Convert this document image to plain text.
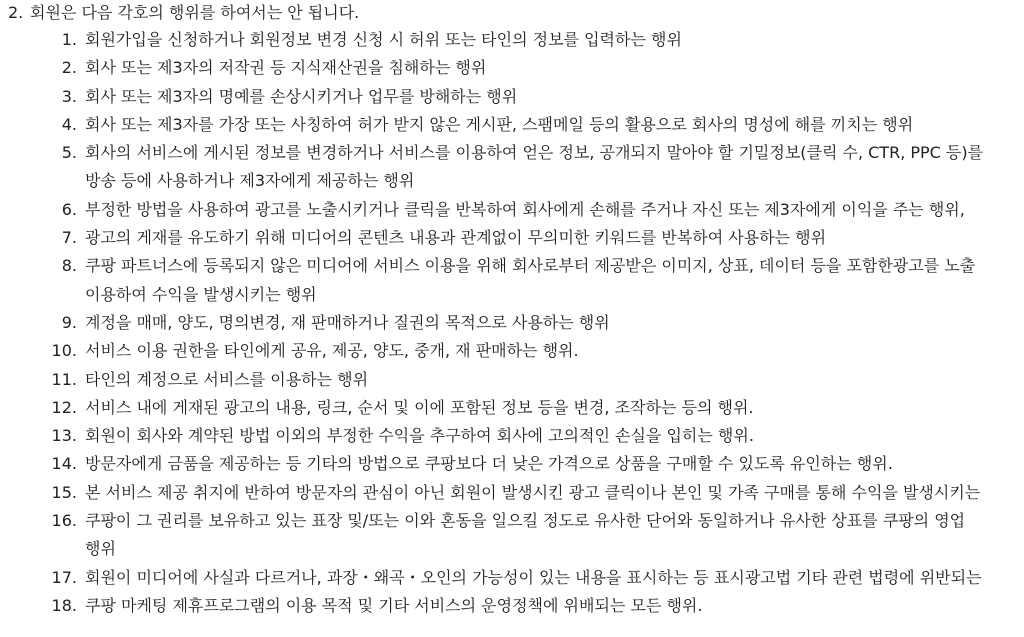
2. 회원은 다음 각호의 행위를 하여서는 안 됩니다.
1. 회원가입을 신청하거나 회원정보 변경 신청 시 허위 또는 타인의 정보를 입력하는 행위
2. 회사 또는 제3자의 저작권 등 지식재산권을 침해하는 행위
3. 회사 또는 제3자의 명예를 손상시키거나 업무를 방해하는 행위
4. 회사 또는 제3자를 가장 또는 사칭하여 허가 받지 않은 게시판, 스팸메일 등의 활용으로 회사의 명성에 해를 끼치는 행위
5. 회사의 서비스에 게시된 정보를 변경하거나 서비스를 이용하여 얻은 정보, 공개되지 말아야 할 기밀정보(클릭 수, CTR, PPC 등)를
방송 등에 사용하거나 제3자에게 제공하는 행위
6. 부정한 방법을 사용하여 광고를 노출시키거나 클릭을 반복하여 회사에게 손해를 주거나 자신 또는 제3자에게 이익을 주는 행위,
7. 광고의 게재를 유도하기 위해 미디어의 콘텐츠 내용과 관계없이 무의미한 키워드를 반복하여 사용하는 행위
8. 쿠팡 파트너스에 등록되지 않은 미디어에 서비스 이용을 위해 회사로부터 제공받은 이미지, 상표, 데이터 등을 포함한광고를 노출
이용하여 수익을 발생시키는 행위
9. 계정을 매매, 양도, 명의변경, 재 판매하거나 질권의 목적으로 사용하는 행위
10. 서비스 이용 권한을 타인에게 공유, 제공, 양도, 중개, 재 판매하는 행위.
11. 타인의 계정으로 서비스를 이용하는 행위
12. 서비스 내에 게재된 광고의 내용, 링크, 순서 및 이에 포함된 정보 등을 변경, 조작하는 등의 행위.
13. 회원이 회사와 계약된 방법 이외의 부정한 수익을 추구하여 회사에 고의적인 손실을 입히는 행위.
14. 방문자에게 금품을 제공하는 등 기타의 방법으로 쿠팡보다 더 낮은 가격으로 상품을 구매할 수 있도록 유인하는 행위.
15. 본 서비스 제공 취지에 반하여 방문자의 관심이 아닌 회원이 발생시킨 광고 클릭이나 본인 및 가족 구매를 통해 수익을 발생시키는
16. 쿠팡이 그 권리를 보유하고 있는 표장 및/또는 이와 혼동을 일으킬 정도로 유사한 단어와 동일하거나 유사한 상표를 쿠팡의 영업
행위
17. 회원이 미디어에 사실과 다르거나, 과장・왜곡・오인의 가능성이 있는 내용을 표시하는 등 표시광고법 기타 관련 법령에 위반되는
18. 쿠팡 마케팅 제휴프로그램의 이용 목적 및 기타 서비스의 운영정책에 위배되는 모든 행위.
